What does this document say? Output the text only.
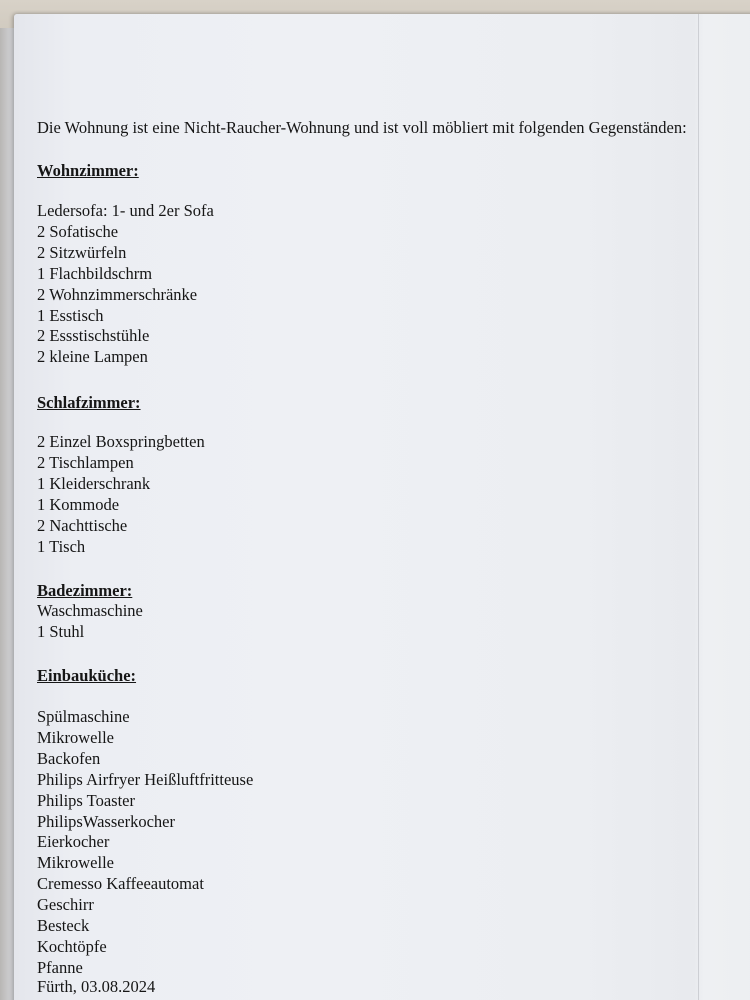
Die Wohnung ist eine Nicht-Raucher-Wohnung und ist voll möbliert mit folgenden Gegenständen:
Wohnzimmer:
Ledersofa: 1- und 2er Sofa
2 Sofatische
2 Sitzwürfeln
1 Flachbildschrm
2 Wohnzimmerschränke
1 Esstisch
2 Essstischstühle
2 kleine Lampen
Schlafzimmer:
2 Einzel Boxspringbetten
2 Tischlampen
1 Kleiderschrank
1 Kommode
2 Nachttische
1 Tisch
Badezimmer:
Waschmaschine
1 Stuhl
Einbauküche:
Spülmaschine
Mikrowelle
Backofen
Philips Airfryer Heißluftfritteuse
Philips Toaster
PhilipsWasserkocher
Eierkocher
Mikrowelle
Cremesso Kaffeeautomat
Geschirr
Besteck
Kochtöpfe
Pfanne
Fürth, 03.08.2024
